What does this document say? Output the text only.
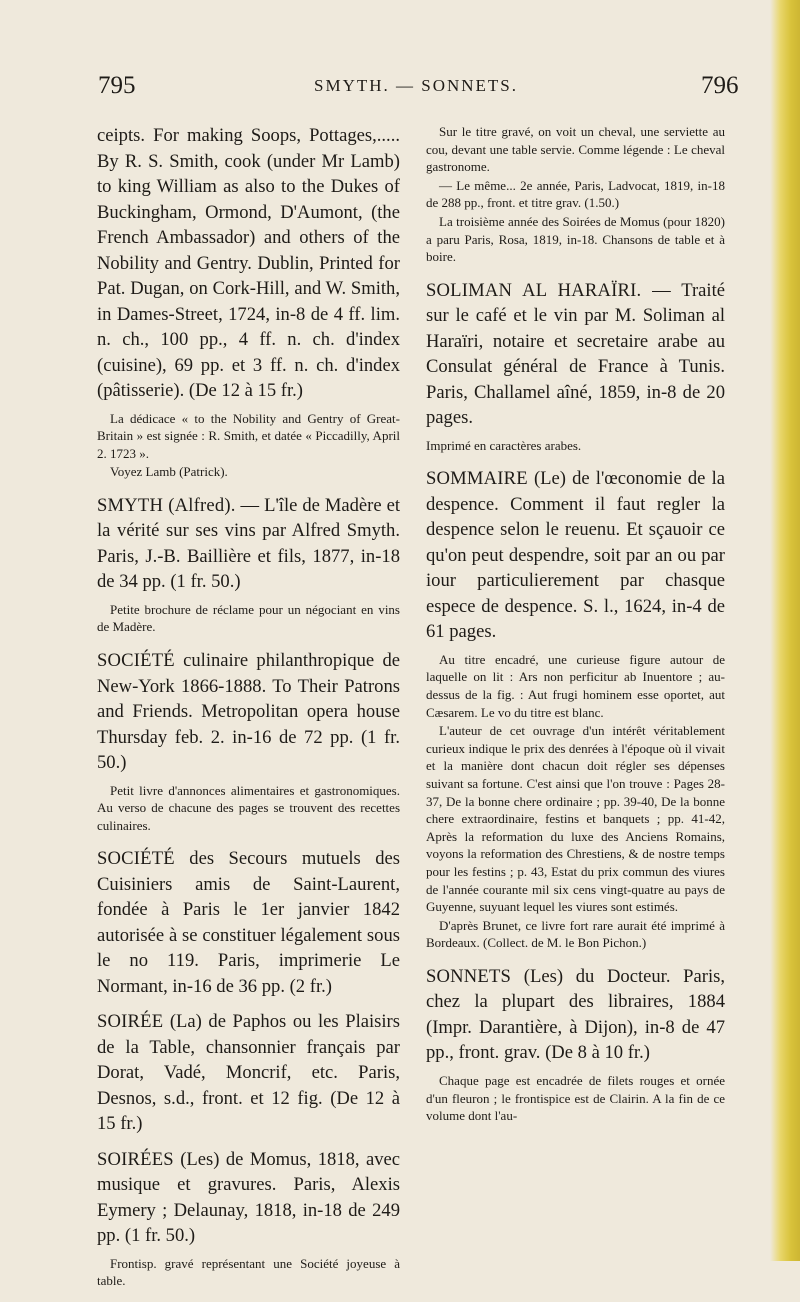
795	SMYTH. — SONNETS.	796

ceipts. For making Soops, Pottages,..... By R. S. Smith, cook (under Mr Lamb) to king William as also to the Dukes of Buckingham, Ormond, D'Aumont, (the French Ambassador) and others of the Nobility and Gentry. Dublin, Printed for Pat. Dugan, on Cork-Hill, and W. Smith, in Dames-Street, 1724, in-8 de 4 ff. lim. n. ch., 100 pp., 4 ff. n. ch. d'index (cuisine), 69 pp. et 3 ff. n. ch. d'index (pâtisserie). (De 12 à 15 fr.)

La dédicace « to the Nobility and Gentry of Great-Britain » est signée : R. Smith, et datée « Piccadilly, April 2. 1723 ».

Voyez Lamb (Patrick).

SMYTH (Alfred). — L'île de Madère et la vérité sur ses vins par Alfred Smyth. Paris, J.-B. Baillière et fils, 1877, in-18 de 34 pp. (1 fr. 50.)

Petite brochure de réclame pour un négociant en vins de Madère.

SOCIÉTÉ culinaire philanthropique de New-York 1866-1888. To Their Patrons and Friends. Metropolitan opera house Thursday feb. 2. in-16 de 72 pp. (1 fr. 50.)

Petit livre d'annonces alimentaires et gastronomiques. Au verso de chacune des pages se trouvent des recettes culinaires.

SOCIÉTÉ des Secours mutuels des Cuisiniers amis de Saint-Laurent, fondée à Paris le 1er janvier 1842 autorisée à se constituer légalement sous le no 119. Paris, imprimerie Le Normant, in-16 de 36 pp. (2 fr.)

SOIRÉE (La) de Paphos ou les Plaisirs de la Table, chansonnier français par Dorat, Vadé, Moncrif, etc. Paris, Desnos, s.d., front. et 12 fig. (De 12 à 15 fr.)

SOIRÉES (Les) de Momus, 1818, avec musique et gravures. Paris, Alexis Eymery ; Delaunay, 1818, in-18 de 249 pp. (1 fr. 50.)

Frontisp. gravé représentant une Société joyeuse à table.

Sur le titre gravé, on voit un cheval, une serviette au cou, devant une table servie. Comme légende : Le cheval gastronome.

— Le même... 2e année, Paris, Ladvocat, 1819, in-18 de 288 pp., front. et titre grav. (1.50.)

La troisième année des Soirées de Momus (pour 1820) a paru Paris, Rosa, 1819, in-18. Chansons de table et à boire.

SOLIMAN AL HARAÏRI. — Traité sur le café et le vin par M. Soliman al Haraïri, notaire et secretaire arabe au Consulat général de France à Tunis. Paris, Challamel aîné, 1859, in-8 de 20 pages.

Imprimé en caractères arabes.

SOMMAIRE (Le) de l'œconomie de la despence. Comment il faut regler la despence selon le reuenu. Et sçauoir ce qu'on peut despendre, soit par an ou par iour particulierement par chasque espece de despence. S. l., 1624, in-4 de 61 pages.

Au titre encadré, une curieuse figure autour de laquelle on lit : Ars non perficitur ab Inuentore ; au-dessus de la fig. : Aut frugi hominem esse oportet, aut Cæsarem. Le vo du titre est blanc.

L'auteur de cet ouvrage d'un intérêt véritablement curieux indique le prix des denrées à l'époque où il vivait et la manière dont chacun doit régler ses dépenses suivant sa fortune. C'est ainsi que l'on trouve : Pages 28-37, De la bonne chere ordinaire ; pp. 39-40, De la bonne chere extraordinaire, festins et banquets ; pp. 41-42, Après la reformation du luxe des Anciens Romains, voyons la reformation des Chrestiens, & de nostre temps pour les festins ; p. 43, Estat du prix commun des viures de l'année courante mil six cens vingt-quatre au pays de Guyenne, suyuant lequel les viures sont estimés.

D'après Brunet, ce livre fort rare aurait été imprimé à Bordeaux. (Collect. de M. le Bon Pichon.)

SONNETS (Les) du Docteur. Paris, chez la plupart des libraires, 1884 (Impr. Darantière, à Dijon), in-8 de 47 pp., front. grav. (De 8 à 10 fr.)

Chaque page est encadrée de filets rouges et ornée d'un fleuron ; le frontispice est de Clairin. A la fin de ce volume dont l'au-
